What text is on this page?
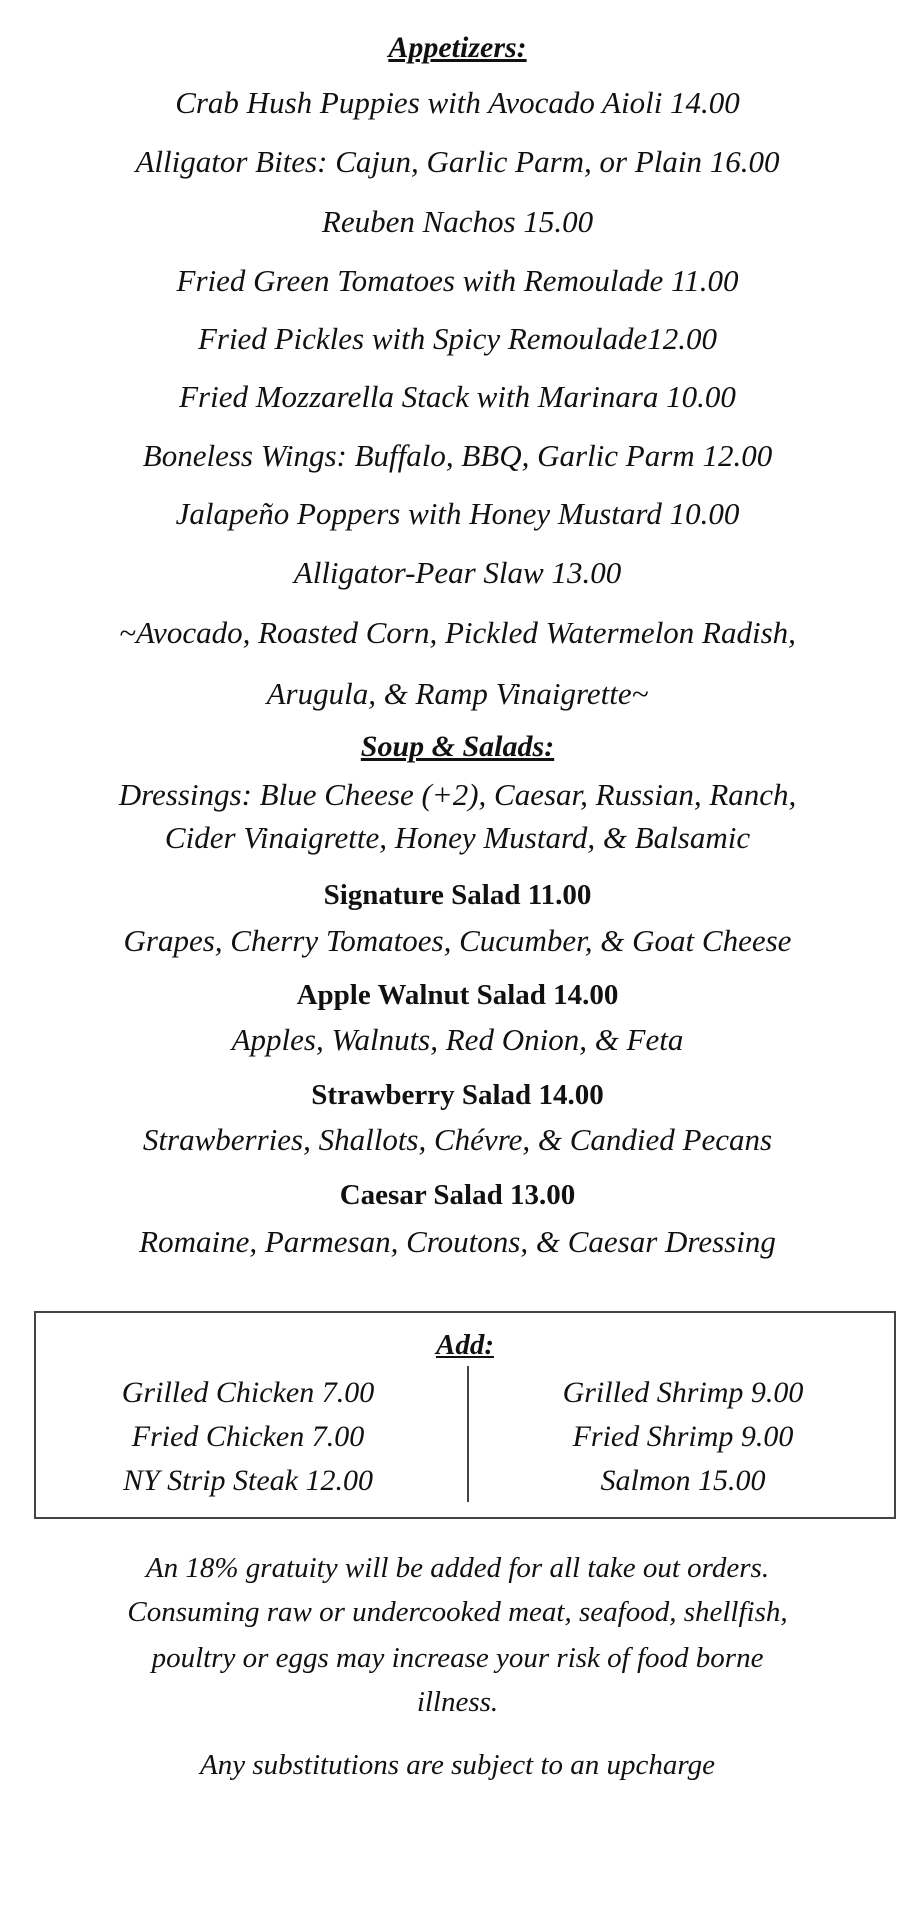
Appetizers:
Crab Hush Puppies with Avocado Aioli 14.00
Alligator Bites: Cajun, Garlic Parm, or Plain 16.00
Reuben Nachos 15.00
Fried Green Tomatoes with Remoulade 11.00
Fried Pickles with Spicy Remoulade12.00
Fried Mozzarella Stack with Marinara 10.00
Boneless Wings: Buffalo, BBQ, Garlic Parm 12.00
Jalapeño Poppers with Honey Mustard 10.00
Alligator-Pear Slaw 13.00
~Avocado, Roasted Corn, Pickled Watermelon Radish,
Arugula, & Ramp Vinaigrette~
Soup & Salads:
Dressings: Blue Cheese (+2), Caesar, Russian, Ranch,
Cider Vinaigrette, Honey Mustard, & Balsamic
Signature Salad 11.00
Grapes, Cherry Tomatoes, Cucumber, & Goat Cheese
Apple Walnut Salad 14.00
Apples, Walnuts, Red Onion, & Feta
Strawberry Salad 14.00
Strawberries, Shallots, Chévre, & Candied Pecans
Caesar Salad 13.00
Romaine, Parmesan, Croutons, & Caesar Dressing
Add:
Grilled Chicken 7.00
Fried Chicken 7.00
NY Strip Steak 12.00
Grilled Shrimp 9.00
Fried Shrimp 9.00
Salmon 15.00
An 18% gratuity will be added for all take out orders.
Consuming raw or undercooked meat, seafood, shellfish,
poultry or eggs may increase your risk of food borne
illness.
Any substitutions are subject to an upcharge
